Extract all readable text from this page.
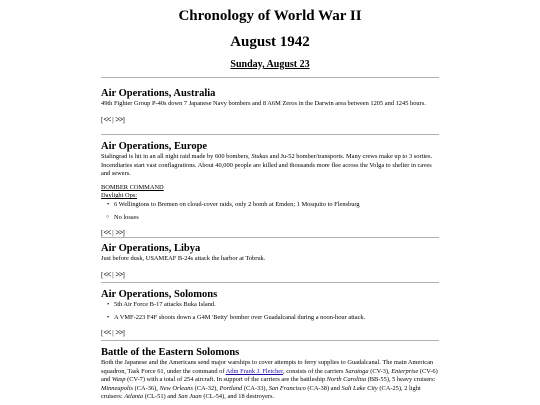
Chronology of World War II
August 1942
Sunday, August 23
Air Operations, Australia
49th Fighter Group P-40s down 7 Japanese Navy bombers and 8 A6M Zeros in the Darwin area between 1205 and 1245 hours.
[<< | >>]
Air Operations, Europe
Stalingrad is hit in an all night raid made by 600 bombers, Stukas and Ju-52 bomber/transports. Many crews make up to 3 sorties. Incendiaries start vast conflagrations. About 40,000 people are killed and thousands more flee across the Volga to shelter in caves and sewers.
BOMBER COMMAND
Daylight Ops:
• 6 Wellingtons to Bremen on cloud-cover raids, only 2 bomb at Emden; 1 Mosquito to Flensburg
○ No losses
[<< | >>]
Air Operations, Libya
Just before dusk, USAMEAF B-24s attack the harbor at Tobruk.
[<< | >>]
Air Operations, Solomons
• 5th Air Force B-17 attacks Buka Island.
• A VMF-223 F4F shoots down a G4M 'Betty' bomber over Guadalcanal during a noon-hour attack.
[<< | >>]
Battle of the Eastern Solomons
Both the Japanese and the Americans send major warships to cover attempts to ferry supplies to Guadalcanal. The main American squadron, Task Force 61, under the command of Adm Frank J. Fletcher, consists of the carriers Saratoga (CV-3), Enterprise (CV-6) and Wasp (CV-7) with a total of 254 aircraft. In support of the carriers are the battleship North Carolina (BB-55), 5 heavy cruisers: Minneapolis (CA-36), New Orleans (CA-32), Portland (CA-33), San Francisco (CA-38) and Salt Lake City (CA-25), 2 light cruisers: Atlanta (CL-51) and San Juan (CL-54), and 18 destroyers.
